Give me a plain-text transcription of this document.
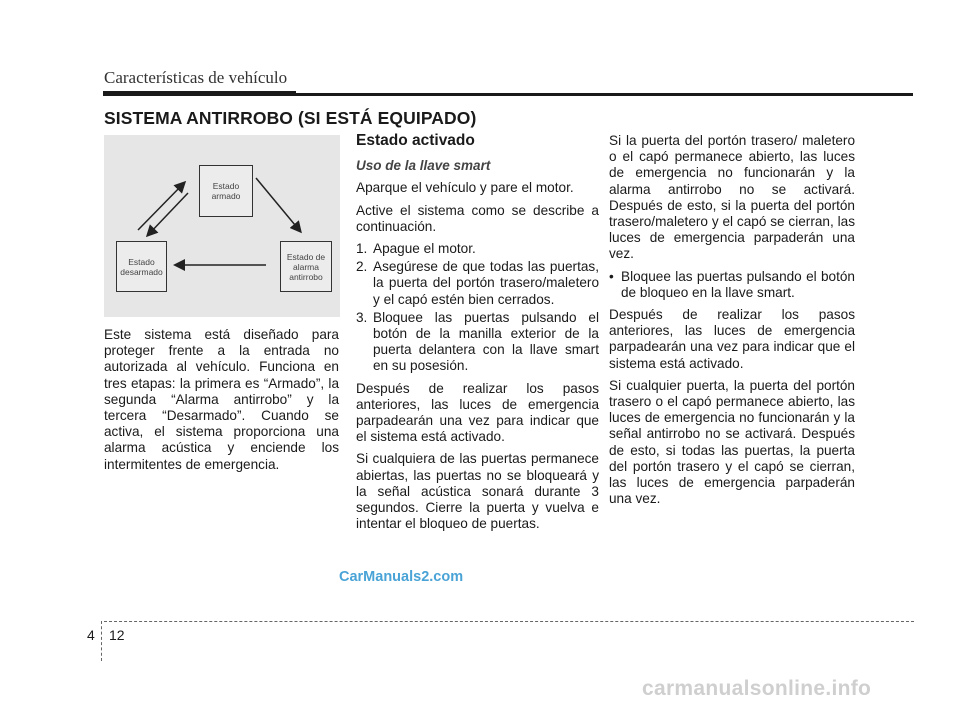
Características de vehículo
SISTEMA ANTIRROBO (SI ESTÁ EQUIPADO)
Estado
armado
Estado
desarmado
Estado de
alarma
antirrobo

Este sistema está diseñado para proteger frente a la entrada no autorizada al vehículo. Funciona en tres etapas: la primera es “Armado”, la segunda “Alarma antirrobo” y la tercera “Desarmado”. Cuando se activa, el sistema proporciona una alarma acústica y enciende los intermitentes de emergencia.

Estado activado
Uso de la llave smart

Aparque el vehículo y pare el motor.

Active el sistema como se describe a continuación.

1. Apague el motor.
2. Asegúrese de que todas las puertas, la puerta del portón trasero/maletero y el capó estén bien cerrados.
3. Bloquee las puertas pulsando el botón de la manilla exterior de la puerta delantera con la llave smart en su posesión.

Después de realizar los pasos anteriores, las luces de emergencia parpadearán una vez para indicar que el sistema está activado.

Si cualquiera de las puertas permanece abiertas, las puertas no se bloqueará y la señal acústica sonará durante 3 segundos. Cierre la puerta y vuelva e intentar el bloqueo de puertas.

Si la puerta del portón trasero/ maletero o el capó permanece abierto, las luces de emergencia no funcionarán y la alarma antirrobo no se activará. Después de esto, si la puerta del portón trasero/maletero y el capó se cierran, las luces de emergencia parpaderán una vez.

• Bloquee las puertas pulsando el botón de bloqueo en la llave smart.

Después de realizar los pasos anteriores, las luces de emergencia parpadearán una vez para indicar que el sistema está activado.

Si cualquier puerta, la puerta del portón trasero o el capó permanece abierto, las luces de emergencia no funcionarán y la señal antirrobo no se activará. Después de esto, si todas las puertas, la puerta del portón trasero y el capó se cierran, las luces de emergencia parpaderán una vez.

CarManuals2.com
4 12
carmanualsonline.info
